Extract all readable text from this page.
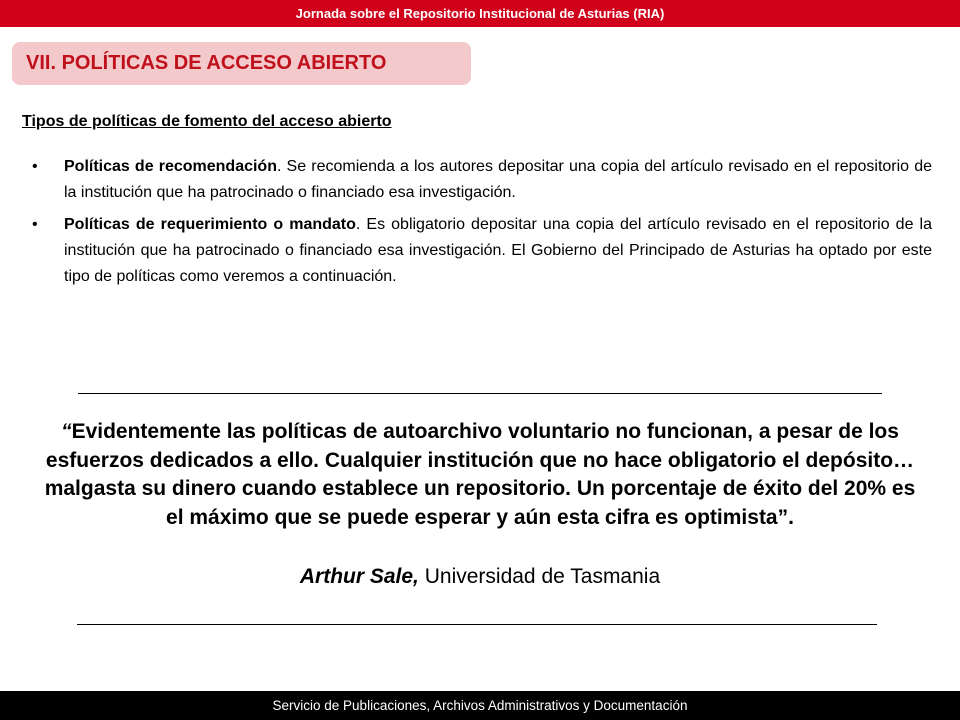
Jornada sobre el Repositorio Institucional de Asturias (RIA)
VII. POLÍTICAS DE ACCESO ABIERTO
Tipos de políticas de fomento del acceso abierto
• Políticas de recomendación. Se recomienda a los autores depositar una copia del artículo revisado en el repositorio de la institución que ha patrocinado o financiado esa investigación.
• Políticas de requerimiento o mandato. Es obligatorio depositar una copia del artículo revisado en el repositorio de la institución que ha patrocinado o financiado esa investigación. El Gobierno del Principado de Asturias ha optado por este tipo de políticas como veremos a continuación.
“Evidentemente las políticas de autoarchivo voluntario no funcionan, a pesar de los esfuerzos dedicados a ello. Cualquier institución que no hace obligatorio el depósito… malgasta su dinero cuando establece un repositorio. Un porcentaje de éxito del 20% es el máximo que se puede esperar y aún esta cifra es optimista”.
Arthur Sale, Universidad de Tasmania
Servicio de Publicaciones, Archivos Administrativos y Documentación
